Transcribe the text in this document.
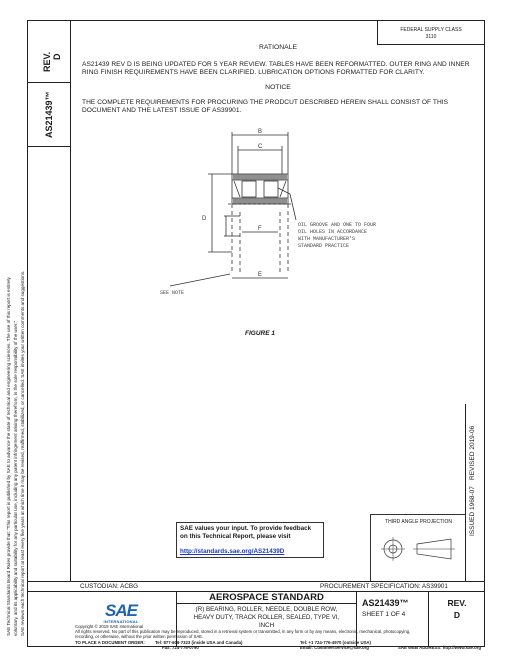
SAE Technical Standards Board Rules provide that: “This report is published by SAE to advance the state of technical and engineering sciences. The use of this report is entirely voluntary, and its applicability and suitability for any particular use, including any patent infringement arising therefrom, is the sole responsibility of the user.” SAE reviews each technical report at least every five years at which time it may be revised, reaffirmed, stabilized, or cancelled. SAE invites your written comments and suggestions.
REV. D
AS21439™
FEDERAL SUPPLY CLASS
3110
RATIONALE
AS21439 REV D IS BEING UPDATED FOR 5 YEAR REVIEW. TABLES HAVE BEEN REFORMATTED. OUTER RING AND INNER RING FINISH REQUIREMENTS HAVE BEEN CLARIFIED. LUBRICATION OPTIONS FORMATTED FOR CLARITY.
NOTICE
THE COMPLETE REQUIREMENTS FOR PROCURING THE PRODCUT DESCRIBED HEREIN SHALL CONSIST OF THIS DOCUMENT AND THE LATEST ISSUE OF AS39901.
B
C
D
E
F
OIL GROOVE AND ONE TO FOUR
OIL HOLES IN ACCORDANCE
WITH MANUFACTURER'S
STANDARD PRACTICE
SEE NOTE
FIGURE 1
REVISED 2019-06
ISSUED 1968-07
SAE values your input. To provide feedback
on this Technical Report, please visit
http://standards.sae.org/AS21439D
THIRD ANGLE PROJECTION
CUSTODIAN: ACBG	PROCUREMENT SPECIFICATION: AS39901
SAE
INTERNATIONAL
AEROSPACE STANDARD
(R) BEARING, ROLLER, NEEDLE, DOUBLE ROW,
HEAVY DUTY, TRACK ROLLER, SEALED, TYPE VI,
INCH
AS21439™
SHEET 1 OF 4
REV.
D
Copyright © 2019 SAE International
All rights reserved. No part of this publication may be reproduced, stored in a retrieval system or transmitted, in any form or by any means, electronic, mechanical, photocopying,
recording, or otherwise, without the prior written permission of SAE.
TO PLACE A DOCUMENT ORDER: Tel: 877-606-7323 (inside USA and Canada)
Fax: 724-776-0790
Tel: +1 724-776-4970 (outside USA)
Email: CustomerService@sae.org	SAE WEB ADDRESS: http://www.sae.org
